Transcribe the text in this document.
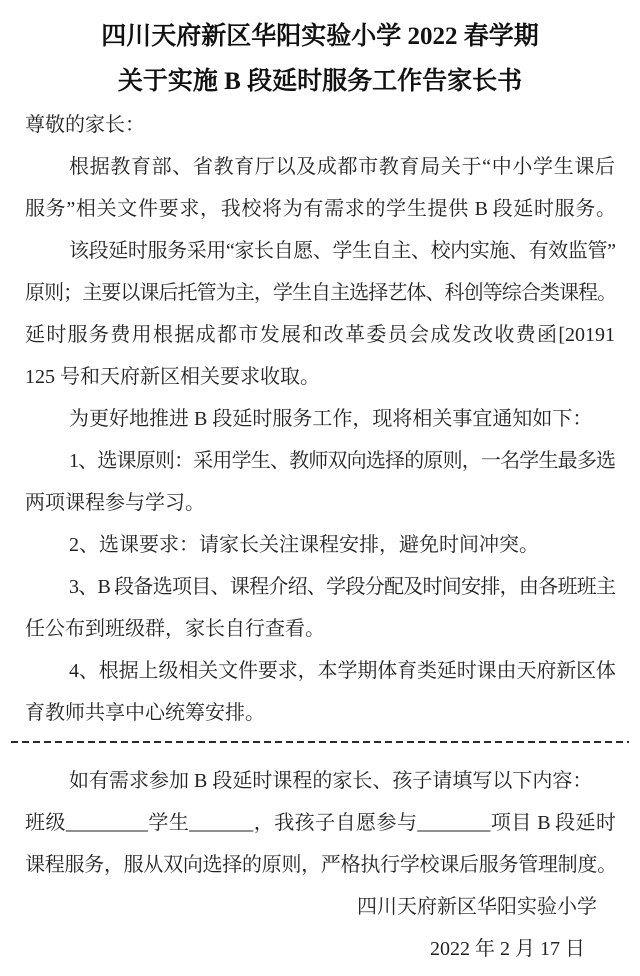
四川天府新区华阳实验小学 2022 春学期
关于实施 B 段延时服务工作告家长书
尊敬的家长：
根据教育部、省教育厅以及成都市教育局关于“中小学生课后
服务”相关文件要求，我校将为有需求的学生提供 B 段延时服务。
该段延时服务采用“家长自愿、学生自主、校内实施、有效监管”
原则；主要以课后托管为主，学生自主选择艺体、科创等综合类课程。
延时服务费用根据成都市发展和改革委员会成发改收费函[20191
125 号和天府新区相关要求收取。
为更好地推进 B 段延时服务工作，现将相关事宜通知如下：
1、选课原则：采用学生、教师双向选择的原则，一名学生最多选
两项课程参与学习。
2、选课要求：请家长关注课程安排，避免时间冲突。
3、B 段备选项目、课程介绍、学段分配及时间安排，由各班班主
任公布到班级群，家长自行查看。
4、根据上级相关文件要求，本学期体育类延时课由天府新区体
育教师共享中心统筹安排。
如有需求参加 B 段延时课程的家长、孩子请填写以下内容：
班级_________学生_______，我孩子自愿参与________项目 B 段延时
课程服务，服从双向选择的原则，严格执行学校课后服务管理制度。
四川天府新区华阳实验小学
2022 年 2 月 17 日
